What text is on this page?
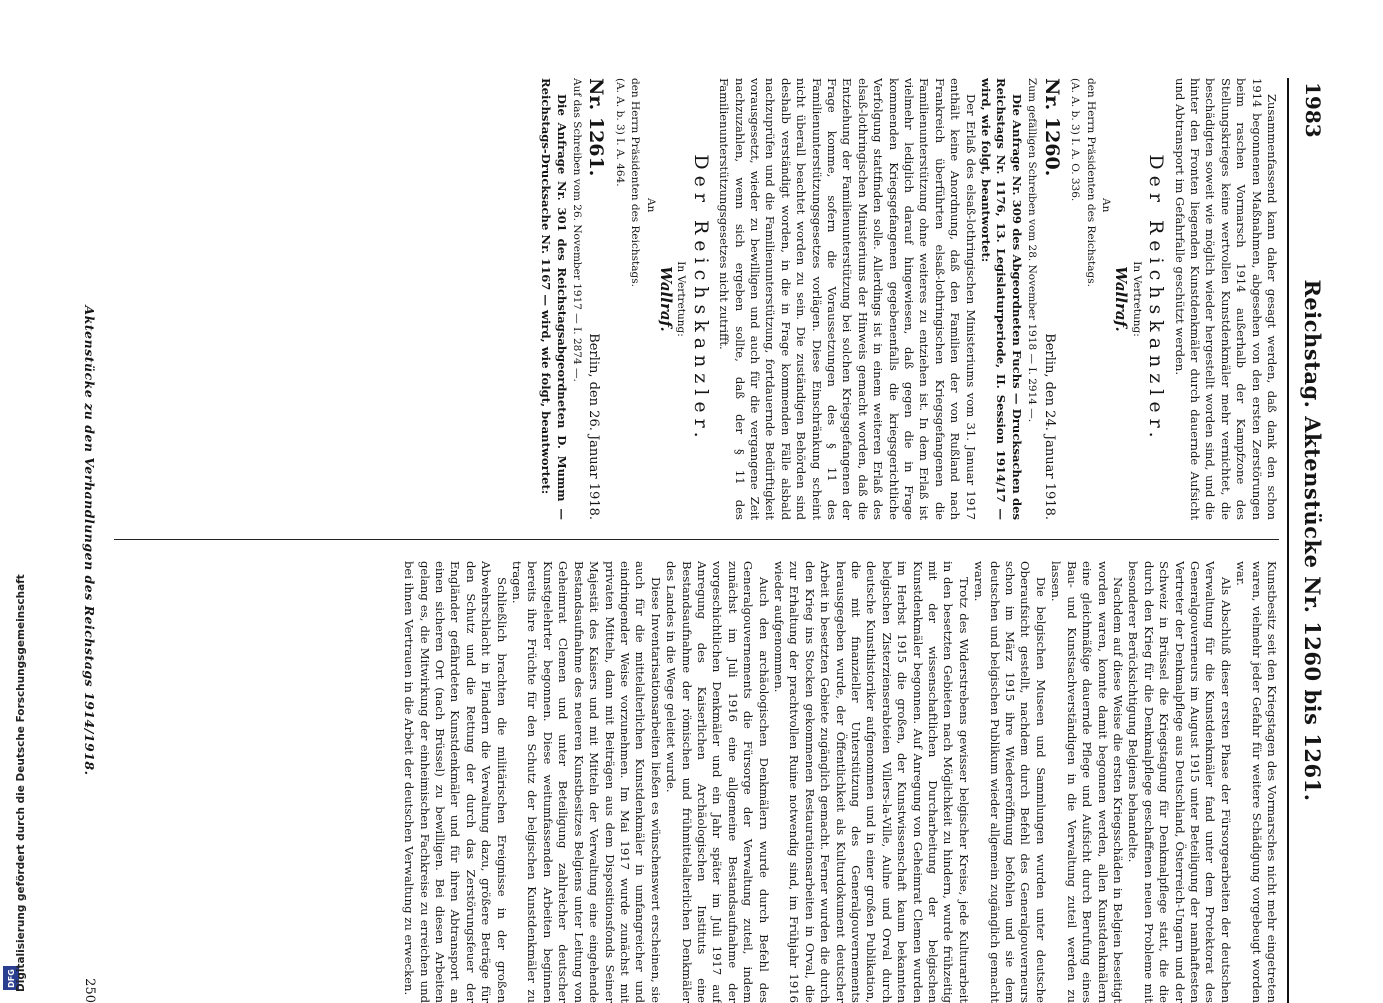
DFG Digitalisierung gefördert durch die Deutsche Forschungsgemeinschaft
1983
Reichstag. Aktenstücke Nr. 1260 bis 1261.

Zusammenfassend kann daher gesagt werden, daß dank den schon 1914 begonnenen Maßnahmen, abgesehen von den ersten Zerstörungen beim raschen Vormarsch 1914 außerhalb der Kampfzone des Stellungskrieges keine wertvollen Kunstdenkmäler mehr vernichtet, die beschädigten soweit wie möglich wieder hergestellt worden sind, und die hinter den Fronten liegenden Kunstdenkmäler durch dauernde Aufsicht und Abtransport im Gefahrfalle geschützt werden.

Der Reichskanzler.
In Vertretung:
Wallraf.

An

den Herrn Präsidenten des Reichstags.

(A. A. b. 3) I. A. O. 336.

Nr. 1260.
Berlin, den 24. Januar 1918.

Zum gefälligen Schreiben vom 28. November 1918 — I. 2914 —.

Die Anfrage Nr. 309 des Abgeordneten Fuchs — Drucksachen des Reichstags Nr. 1176, 13. Legislaturperiode, II. Session 1914/17 — wird, wie folgt, beantwortet:

Der Erlaß des elsaß-lothringischen Ministeriums vom 31. Januar 1917 enthält keine Anordnung, daß den Familien der von Rußland nach Frankreich überführten elsaß-lothringischen Kriegsgefangenen die Familienunterstützung ohne weiteres zu entziehen ist. In dem Erlaß ist vielmehr lediglich darauf hingewiesen, daß gegen die in Frage kommenden Kriegsgefangenen gegebenenfalls die kriegsgerichtliche Verfolgung stattfinden solle. Allerdings ist in einem weiteren Erlaß des elsaß-lothringischen Ministeriums der Hinweis gemacht worden, daß die Entziehung der Familienunterstützung bei solchen Kriegsgefangenen der Frage komme, sofern die Voraussetzungen des § 11 des Familienunterstützungsgesetzes vorlägen. Diese Einschränkung scheint nicht überall beachtet worden zu sein. Die zuständigen Behörden sind deshalb verständigt worden, in die in Frage kommenden Fälle alsbald nachzuprüfen und die Familienunterstützung, fortdauernde Bedürftigkeit vorausgesetzt, wieder zu bewilligen und auch für die vergangene Zeit nachzuzahlen, wenn sich ergeben sollte, daß der § 11 des Familienunterstützungsgesetzes nicht zutrifft.

Der Reichskanzler.
In Vertretung:
Wallraf.

An

den Herrn Präsidenten des Reichstags.

(A. A. b. 3) I. A. 464.

Nr. 1261.
Berlin, den 26. Januar 1918.

Auf das Schreiben vom 26. November 1917 — I. 2874 —.

Die Anfrage Nr. 301 des Reichstagsabgeordneten D. Mumm — Reichstags-Drucksache Nr. 1167 — wird, wie folgt, beantwortet:

Kunstbesitz seit den Kriegstagen des Vormarsches nicht mehr eingetreten waren, vielmehr jeder Gefahr für weitere Schädigung vorgebeugt worden war.

Als Abschluß dieser ersten Phase der Fürsorgearbeiten der deutschen Verwaltung für die Kunstdenkmäler fand unter dem Protektorat des Generalgouverneurs im August 1915 unter Beteiligung der namhaftesten Vertreter der Denkmalpflege aus Deutschland, Österreich-Ungarn und der Schweiz in Brüssel die Kriegstagung für Denkmalpflege statt, die die durch den Krieg für die Denkmalpflege geschaffenen neuen Probleme mit besonderer Berücksichtigung Belgiens behandelte.

Nachdem auf diese Weise die ersten Kriegsschäden in Belgien beseitigt worden waren, konnte damit begonnen werden, allen Kunstdenkmälern eine gleichmäßige dauernde Pflege und Aufsicht durch Berufung eines Bau- und Kunstsachverständigen in die Verwaltung zuteil werden zu lassen.

Die belgischen Museen und Sammlungen wurden unter deutsche Oberaufsicht gestellt, nachdem durch Befehl des Generalgouverneurs schon im März 1915 ihre Wiedereröffnung befohlen und sie dem deutschen und belgischen Publikum wieder allgemein zugänglich gemacht waren.

Trotz des Widerstrebens gewisser belgischer Kreise, jede Kulturarbeit in den besetzten Gebieten nach Möglichkeit zu hindern, wurde frühzeitig mit der wissenschaftlichen Durcharbeitung der belgischen Kunstdenkmäler begonnen. Auf Anregung von Geheimrat Clemen wurden im Herbst 1915 die großen, der Kunstwissenschaft kaum bekannten belgischen Zisterzienserabteien Villers-la-Ville, Aulne und Orval durch deutsche Kunsthistoriker aufgenommen und in einer großen Publikation, die mit finanzieller Unterstützung des Generalgouvernements herausgegeben wurde, der Öffentlichkeit als Kulturdokument deutscher Arbeit in besetzten Gebiete zugänglich gemacht. Ferner wurden die durch den Krieg ins Stocken gekommenen Restaurationsarbeiten in Orval, die zur Erhaltung der prachtvollen Ruine notwendig sind, im Frühjahr 1916 wieder aufgenommen.

Auch den archäologischen Denkmälern wurde durch Befehl des Generalgouvernements die Fürsorge der Verwaltung zuteil, indem zunächst im Juli 1916 eine allgemeine Bestandsaufnahme der vorgeschichtlichen Denkmäler und ein Jahr später im Juli 1917 auf Anregung des Kaiserlichen Archäologischen Instituts eine Bestandsaufnahme der römischen und frühmittelalterlichen Denkmäler des Landes in die Wege geleitet wurde.

Diese Inventarisationsarbeiten ließen es wünschenswert erscheinen, sie auch für die mittelalterlichen Kunstdenkmäler in umfangreicher und eindringender Weise vorzunehmen. Im Mai 1917 wurde zunächst mit privaten Mitteln, dann mit Beiträgen aus dem Dispositionsfonds Seiner Majestät des Kaisers und mit Mitteln der Verwaltung eine eingehende Bestandsaufnahme des neueren Kunstbesitzes Belgiens unter Leitung von Geheimrat Clemen und unter Beteiligung zahlreicher deutscher Kunstgelehrter begonnen. Diese weitumfassenden Arbeiten beginnen bereits ihre Früchte für den Schutz der belgischen Kunstdenkmäler zu tragen.

Schließlich brachten die militärischen Ereignisse in der großen Abwehrschlacht in Flandern die Verwaltung dazu, größere Beträge für den Schutz und die Rettung der durch das Zerstörungsfeuer der Engländer gefährdeten Kunstdenkmäler und für ihren Abtransport an einen sicheren Ort (nach Brüssel) zu bewilligen. Bei diesen Arbeiten gelang es, die Mitwirkung der einheimischen Fachkreise zu erreichen und bei ihnen Vertrauen in die Arbeit der deutschen Verwaltung zu erwecken.

Aktenstücke zu den Verhandlungen des Reichstags 1914/1918.
250
